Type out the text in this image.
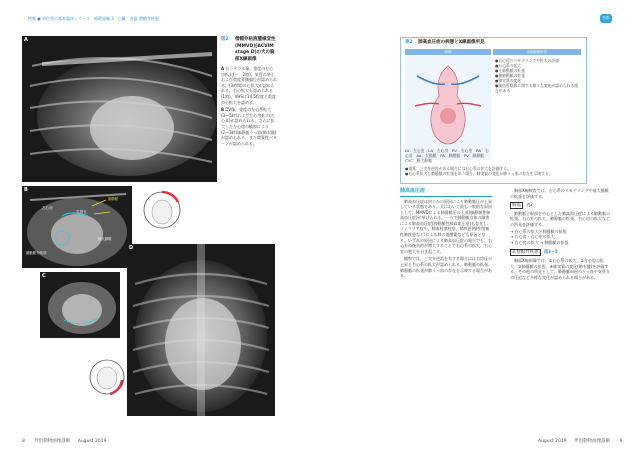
特集 ● 部位別の基本臨床シリーズ　循環器編 3　心臓　各論 僧帽弁疾患	特集
A	図2	僧帽弁粘液腫様変性(MMVD)[ACVIM stage D]の犬の胸部X線画像
A 右ラテラル像。重度の左心房拡大(ー：2時)、気管の挙上および重度背側偏位が認められる。(3時間)の心拡大が認められる。右心拡大も認められる(1時)。VHSは14.5程度と重度の心拡大を認める。
B DV像。重度の左心系拡大(3〜5時)および左心房拡大(左心耳)が認められる。さらに拡大した左心房の輪郭により(2〜3時)肺静脈うっ血(肺水腫)が認められる。また間質性パターンが認められる。
B
左心房
気管支
肺静脈
後大静脈
肺動脈分岐部
C
D
表2 肺高血圧症の病態とX線画像所見
病態	X線画像所見
LV：左心室　LA：左心房　RV：右心室　RA：右心房　Ao：大動脈　PA：肺動脈　PV：肺静脈　CVC：後大静脈
●右心房のリモデリングや拡大の評価
●右心系の拡大
●主肺動脈の拡張
●後肺動脈の拡張
●肺実質の変化
●肺血管陰影に関する様々な変化が認められる場合がある
●重篤：三尖弁逆流がある場合には右心系の拡大を評価する。
●右心系拡大と肺静脈の拡張を伴う場合、肺実質の変化が肺うっ血の存在を示唆する。
肺高血圧症
肺高血圧症は何らかの原因により肺動脈圧が上昇している状態であり、犬において最も一般的な原因として、MMVDによる肺静脈圧の上昇(肺静脈性肺高血圧症)が挙げられる。一方で肺動脈自体の障害による肺高血圧症(肺動脈性肺高血圧症)も存在し、フィラリア症や、肺血栓塞栓症、肺疾患(慢性閉塞性肺疾患など)による肺の低酸素なども原因となる。いずれの原因による肺高血圧症の場合でも、右心室の後負荷が増大することで右心系の拡大、右心室の肥大を引き起こす。
観察では、三尖弁逆流を有する場合には右房圧の上昇と右心系の拡大が認められる。肺動脈の拡張、肺静脈の拡張が肺うっ血の存在を示唆する場合がある。
胸部X線検査では、右心系のリモデリングや前大静脈の拡張を評価する。
胸部 表2
肺動脈主幹部を中心とした肺高血圧症による肺動脈の拡張、右心室の拡大、肺静脈の拡張、右心房の拡大などの所見を評価する。
→ 右心系の拡大と肺静脈の拡張
→ 右心房・右心室の拡大
→ 右心房の拡大 → 肺動脈の拡張
3.僧帽弁疾患 図3〜5
胸部X線画像では、①右心系の拡大、②左心房の拡大、③肺静脈の拡張、④肺実質の変化(肺水腫)を評価する。その他の所見として、肺静脈周囲のうっ血や気管支の圧迫など多様な変化が認められる場合がある。
8 伴侶動物画像診断 August 2019	August 2019 伴侶動物画像診断 9
